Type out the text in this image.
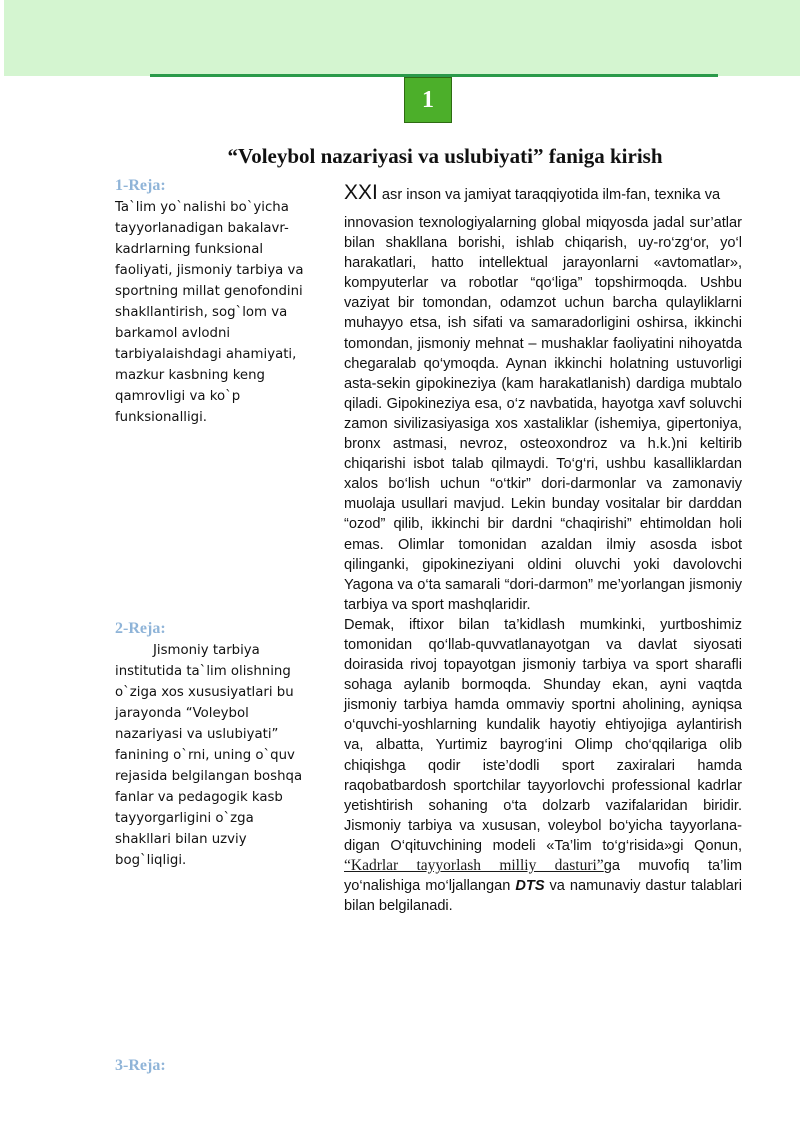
1
“Voleybol nazariyasi va uslubiyati” faniga kirish
1-Reja:
Ta`lim yo`nalishi bo`yicha tayyorlanadigan bakalavr-kadrlarning funksional faoliyati, jismoniy tarbiya va sportning millat genofondini shakllantirish, sog`lom va barkamol avlodni tarbiyalaishdagi ahamiyati, mazkur kasbning keng qamrovligi va ko`p funksionalligi.
2-Reja:
Jismoniy tarbiya institutida ta`lim olishning o`ziga xos xususiyatlari bu jarayonda “Voleybol nazariyasi va uslubiyati” fanining o`rni, uning o`quv rejasida belgilangan boshqa fanlar va pedagogik kasb tayyorgarligini o`zga shakllari bilan uzviy bog`liqligi.
3-Reja:

XXI asr inson va jamiyat taraqqiyotida ilm-fan, texnika va
innovasion texnologiyalarning global miqyosda jadal sur’atlar bilan shakllana borishi, ishlab chiqarish, uy-ro‘zg‘or, yo‘l harakatlari, hatto intellektual jarayonlarni «avtomatlar», kompyuterlar va robotlar “qo‘liga” topshirmoqda. Ushbu vaziyat bir tomondan, odamzot uchun barcha qulayliklarni muhayyo etsa, ish sifati va samaradorligini oshirsa, ikkinchi tomondan, jismoniy mehnat – mushaklar faoliyatini nihoyatda chegaralab qo‘ymoqda. Aynan ikkinchi holatning ustuvorligi asta-sekin gipokineziya (kam harakatlanish) dardiga mubtalo qiladi. Gipokineziya esa, o‘z navbatida, hayotga xavf soluvchi zamon sivilizasiyasiga xos xastaliklar (ishemiya, gipertoniya, bronx astmasi, nevroz, osteoxondroz va h.k.)ni keltirib chiqarishi isbot talab qilmaydi. To‘g‘ri, ushbu kasalliklardan xalos bo‘lish uchun “o‘tkir” dori-darmonlar va zamonaviy muolaja usullari mavjud. Lekin bunday vositalar bir darddan “ozod” qilib, ikkinchi bir dardni “chaqirishi” ehtimoldan holi emas. Olimlar tomonidan azaldan ilmiy asosda isbot qilinganki, gipokineziyani oldini oluvchi yoki davolovchi Yagona va o‘ta samarali “dori-darmon” me’yorlangan jismoniy tarbiya va sport mashqlaridir.

Demak, iftixor bilan ta’kidlash mumkinki, yurtboshimiz tomonidan qo‘llab-quvvatlanayotgan va davlat siyosati doirasida rivoj topayotgan jismoniy tarbiya va sport sharafli sohaga aylanib bormoqda. Shunday ekan, ayni vaqtda jismoniy tarbiya hamda ommaviy sportni aholining, ayniqsa o‘quvchi-yoshlarning kundalik hayotiy ehtiyojiga aylantirish va, albatta, Yurtimiz bayrog‘ini Olimp cho‘qqilariga olib chiqishga qodir iste’dodli sport zaxiralari hamda raqobatbardosh sportchilar tayyorlovchi professional kadrlar yetishtirish sohaning o‘ta dolzarb vazifalaridan biridir. Jismoniy tarbiya va xususan, voleybol bo‘yicha tayyorlana-digan O‘qituvchining modeli «Ta’lim to‘g‘risida»gi Qonun, “Kadrlar tayyorlash milliy dasturi”ga muvofiq ta’lim yo‘nalishiga mo‘ljallangan DTS va namunaviy dastur talablari bilan belgilanadi.
